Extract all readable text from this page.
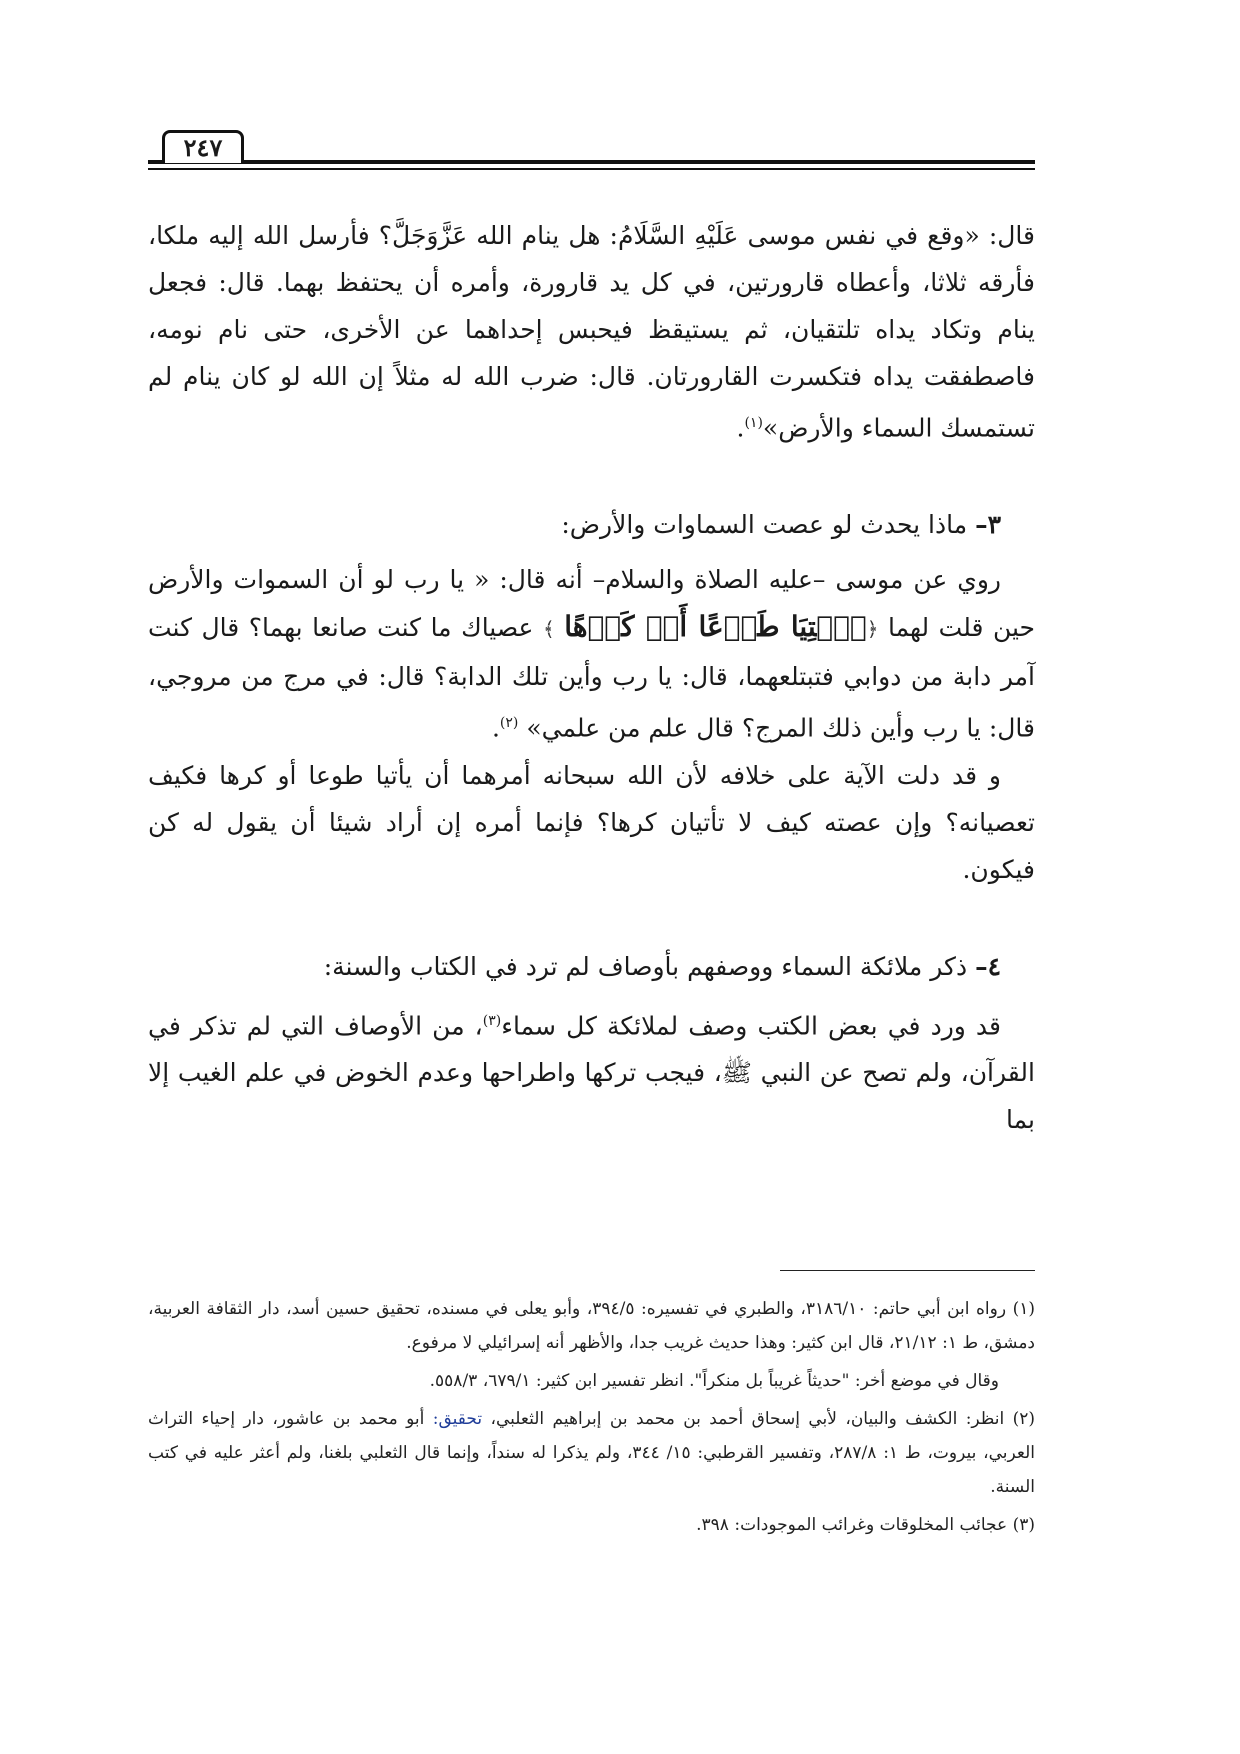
٢٤٧

قال: «وقع في نفس موسى عَلَيْهِ السَّلَامُ: هل ينام الله عَزَّوَجَلَّ؟ فأرسل الله إليه ملكا، فأرقه ثلاثا، وأعطاه قارورتين، في كل يد قارورة، وأمره أن يحتفظ بهما. قال: فجعل ينام وتكاد يداه تلتقيان، ثم يستيقظ فيحبس إحداهما عن الأخرى، حتى نام نومه، فاصطفقت يداه فتكسرت القارورتان. قال: ضرب الله له مثلاً إن الله لو كان ينام لم تستمسك السماء والأرض»$^{(١)}$.

٣– ماذا يحدث لو عصت السماوات والأرض:

روي عن موسى –عليه الصلاة والسلام– أنه قال: « يا رب لو أن السموات والأرض حين قلت لهما ﴿ٱئۡتِيَا طَوۡعًا أَوۡ كَرۡهًا ﴾ عصياك ما كنت صانعا بهما؟ قال كنت آمر دابة من دوابي فتبتلعهما، قال: يا رب وأين تلك الدابة؟ قال: في مرج من مروجي، قال: يا رب وأين ذلك المرج؟ قال علم من علمي» $^{(٢)}$.

و قد دلت الآية على خلافه لأن الله سبحانه أمرهما أن يأتيا طوعا أو كرها فكيف تعصيانه؟ وإن عصته كيف لا تأتيان كرها؟ فإنما أمره إن أراد شيئا أن يقول له كن فيكون.

٤– ذكر ملائكة السماء ووصفهم بأوصاف لم ترد في الكتاب والسنة:

قد ورد في بعض الكتب وصف لملائكة كل سماء$^{(٣)}$، من الأوصاف التي لم تذكر في القرآن، ولم تصح عن النبي ﷺ، فيجب تركها واطراحها وعدم الخوض في علم الغيب إلا بما

(١) رواه ابن أبي حاتم: ٣١٨٦/١٠، والطبري في تفسيره: ٣٩٤/٥، وأبو يعلى في مسنده، تحقيق حسين أسد، دار الثقافة العربية، دمشق، ط ١: ٢١/١٢، قال ابن كثير: وهذا حديث غريب جدا، والأظهر أنه إسرائيلي لا مرفوع.

وقال في موضع أخر: "حديثاً غريباً بل منكراً". انظر تفسير ابن كثير: ٦٧٩/١، ٥٥٨/٣.

(٢) انظر: الكشف والبيان، لأبي إسحاق أحمد بن محمد بن إبراهيم الثعلبي، تحقيق: أبو محمد بن عاشور، دار إحياء التراث العربي، بيروت، ط ١: ٢٨٧/٨، وتفسير القرطبي: ١٥/ ٣٤٤، ولم يذكرا له سنداً، وإنما قال الثعلبي بلغنا، ولم أعثر عليه في كتب السنة.

(٣) عجائب المخلوقات وغرائب الموجودات: ٣٩٨.
